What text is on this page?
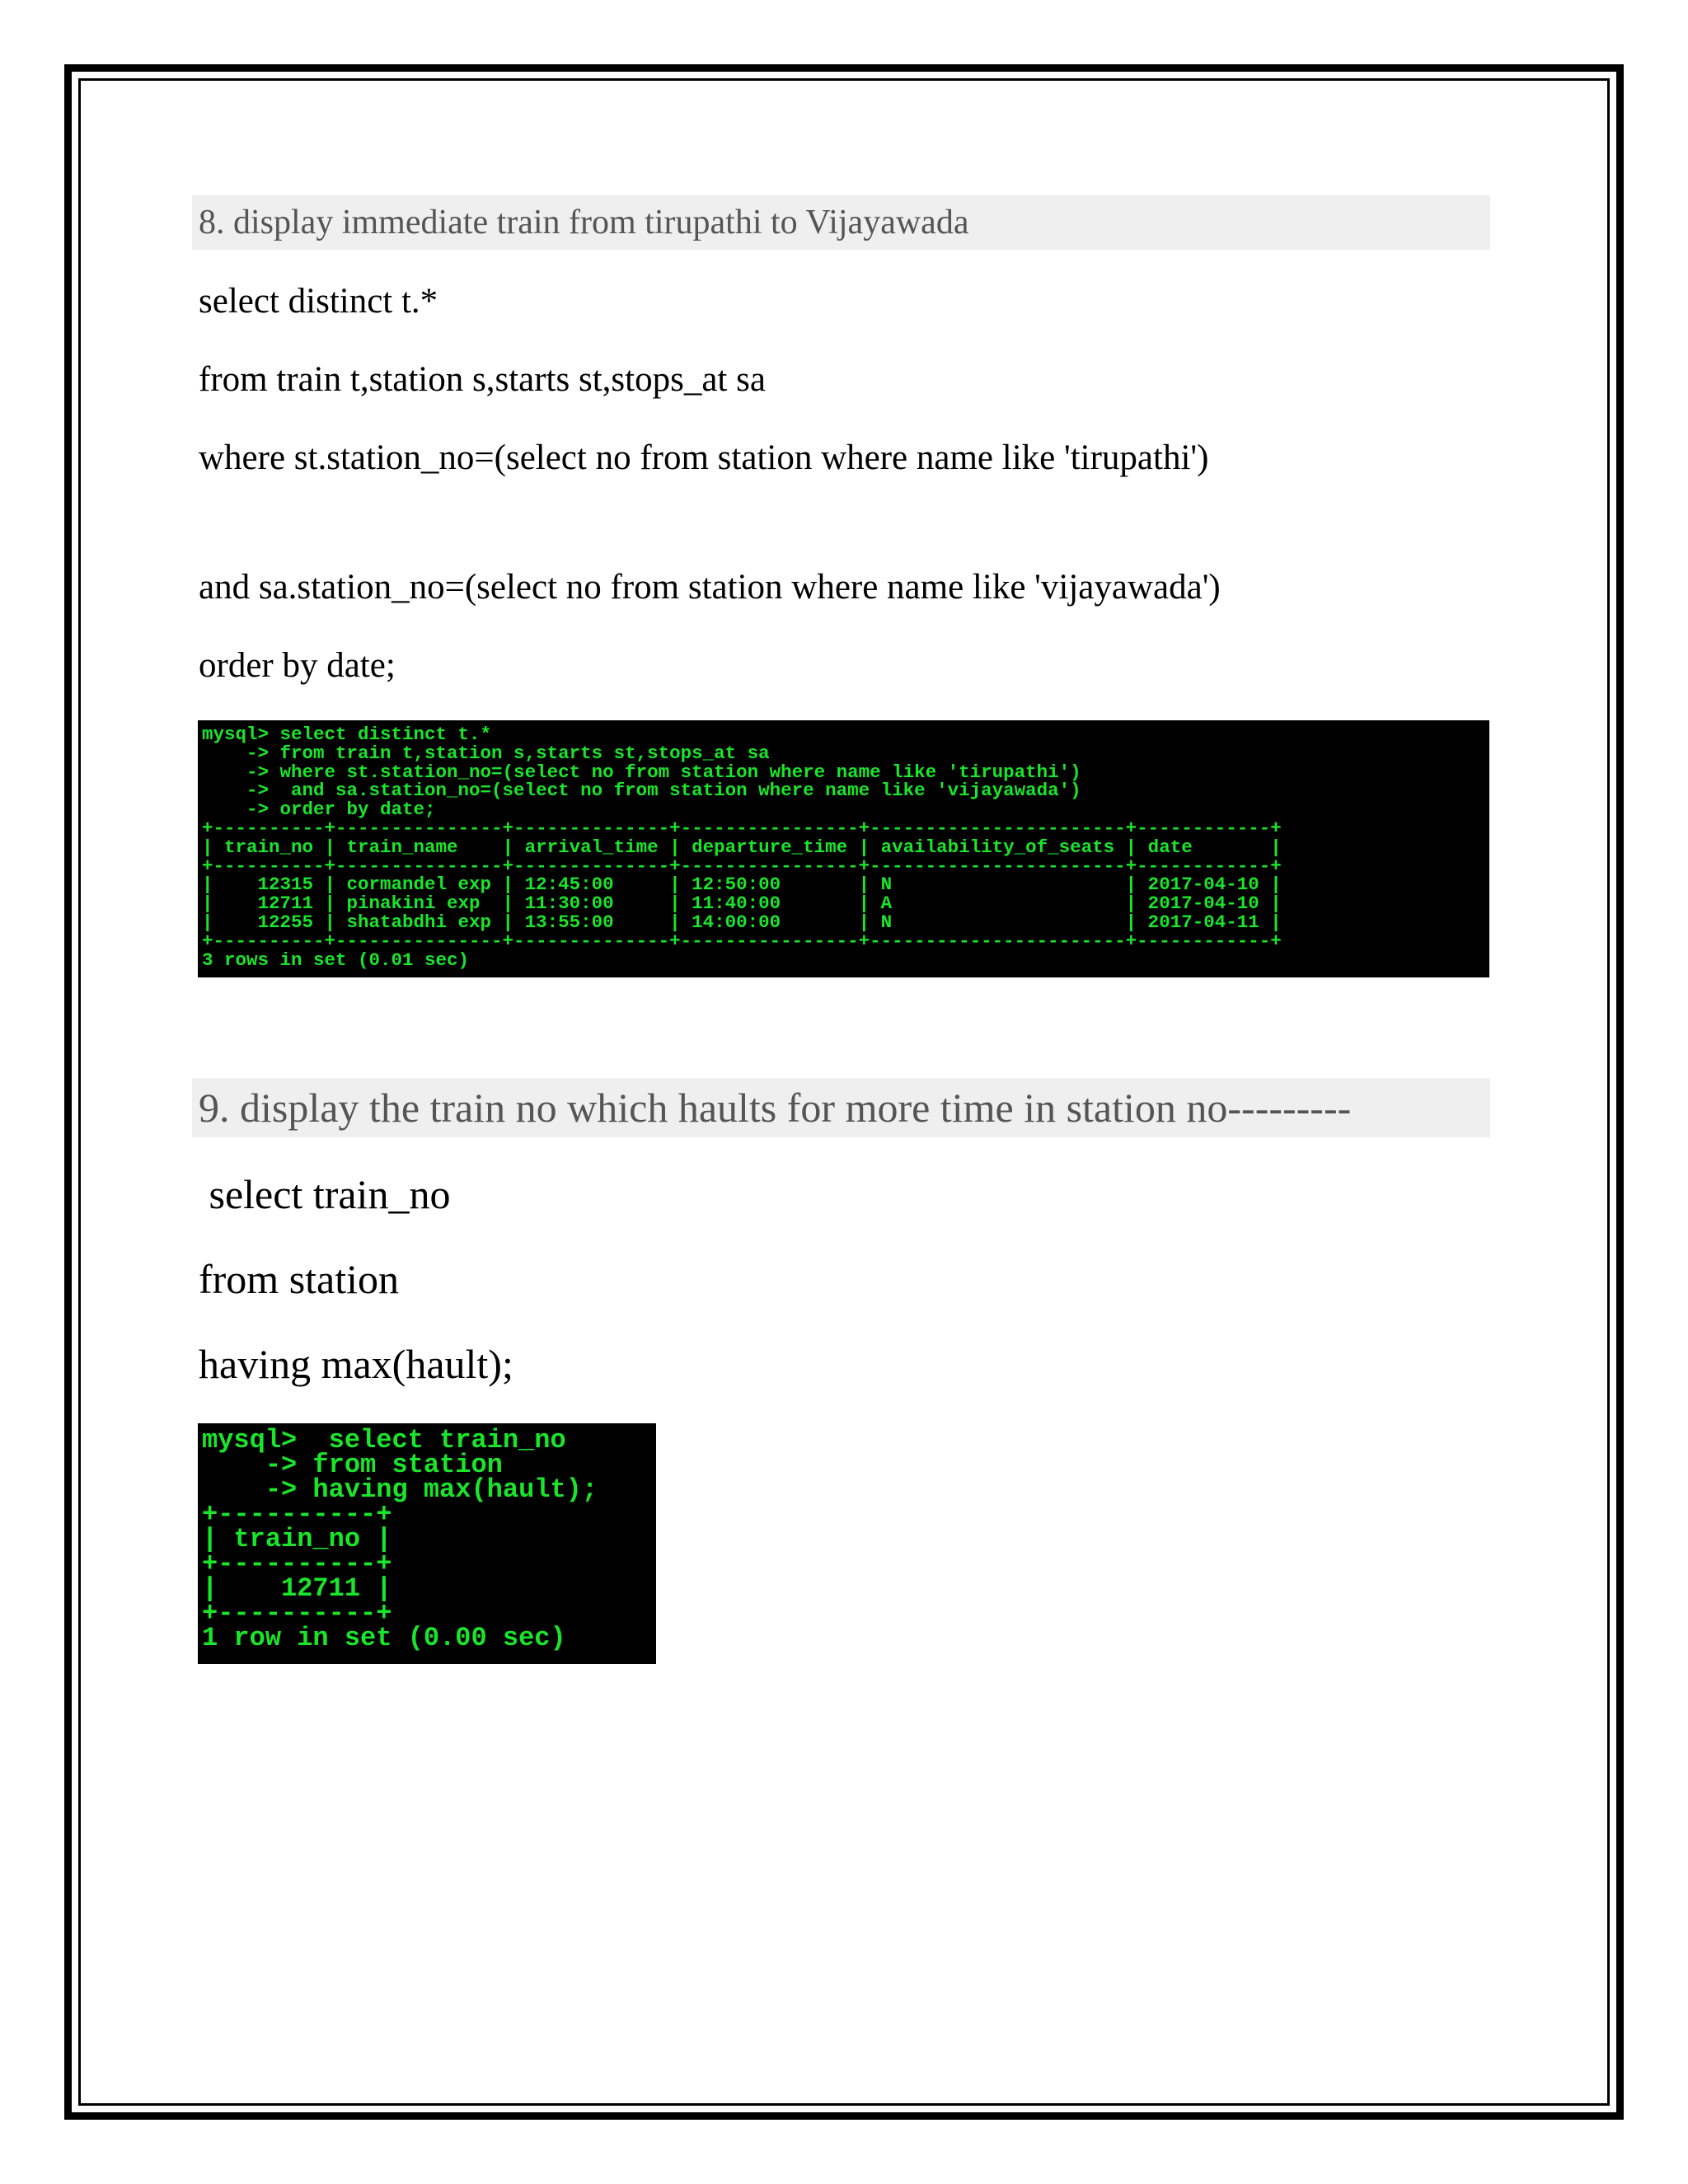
8. display immediate train from tirupathi to Vijayawada
select distinct t.*
from train t,station s,starts st,stops_at sa
where st.station_no=(select no from station where name like 'tirupathi')
and sa.station_no=(select no from station where name like 'vijayawada')
order by date;
mysql> select distinct t.*
-> from train t,station s,starts st,stops_at sa
-> where st.station_no=(select no from station where name like 'tirupathi')
->  and sa.station_no=(select no from station where name like 'vijayawada')
-> order by date;
+----------+---------------+--------------+----------------+-----------------------+------------+
| train_no | train_name    | arrival_time | departure_time | availability_of_seats | date       |
+----------+---------------+--------------+----------------+-----------------------+------------+
|    12315 | cormandel exp | 12:45:00     | 12:50:00       | N                     | 2017-04-10 |
|    12711 | pinakini exp  | 11:30:00     | 11:40:00       | A                     | 2017-04-10 |
|    12255 | shatabdhi exp | 13:55:00     | 14:00:00       | N                     | 2017-04-11 |
+----------+---------------+--------------+----------------+-----------------------+------------+
3 rows in set (0.01 sec)
9. display the train no which haults for more time in station no---------
select train_no
from station
having max(hault);
mysql>  select train_no
-> from station
-> having max(hault);
+----------+
| train_no |
+----------+
|    12711 |
+----------+
1 row in set (0.00 sec)
